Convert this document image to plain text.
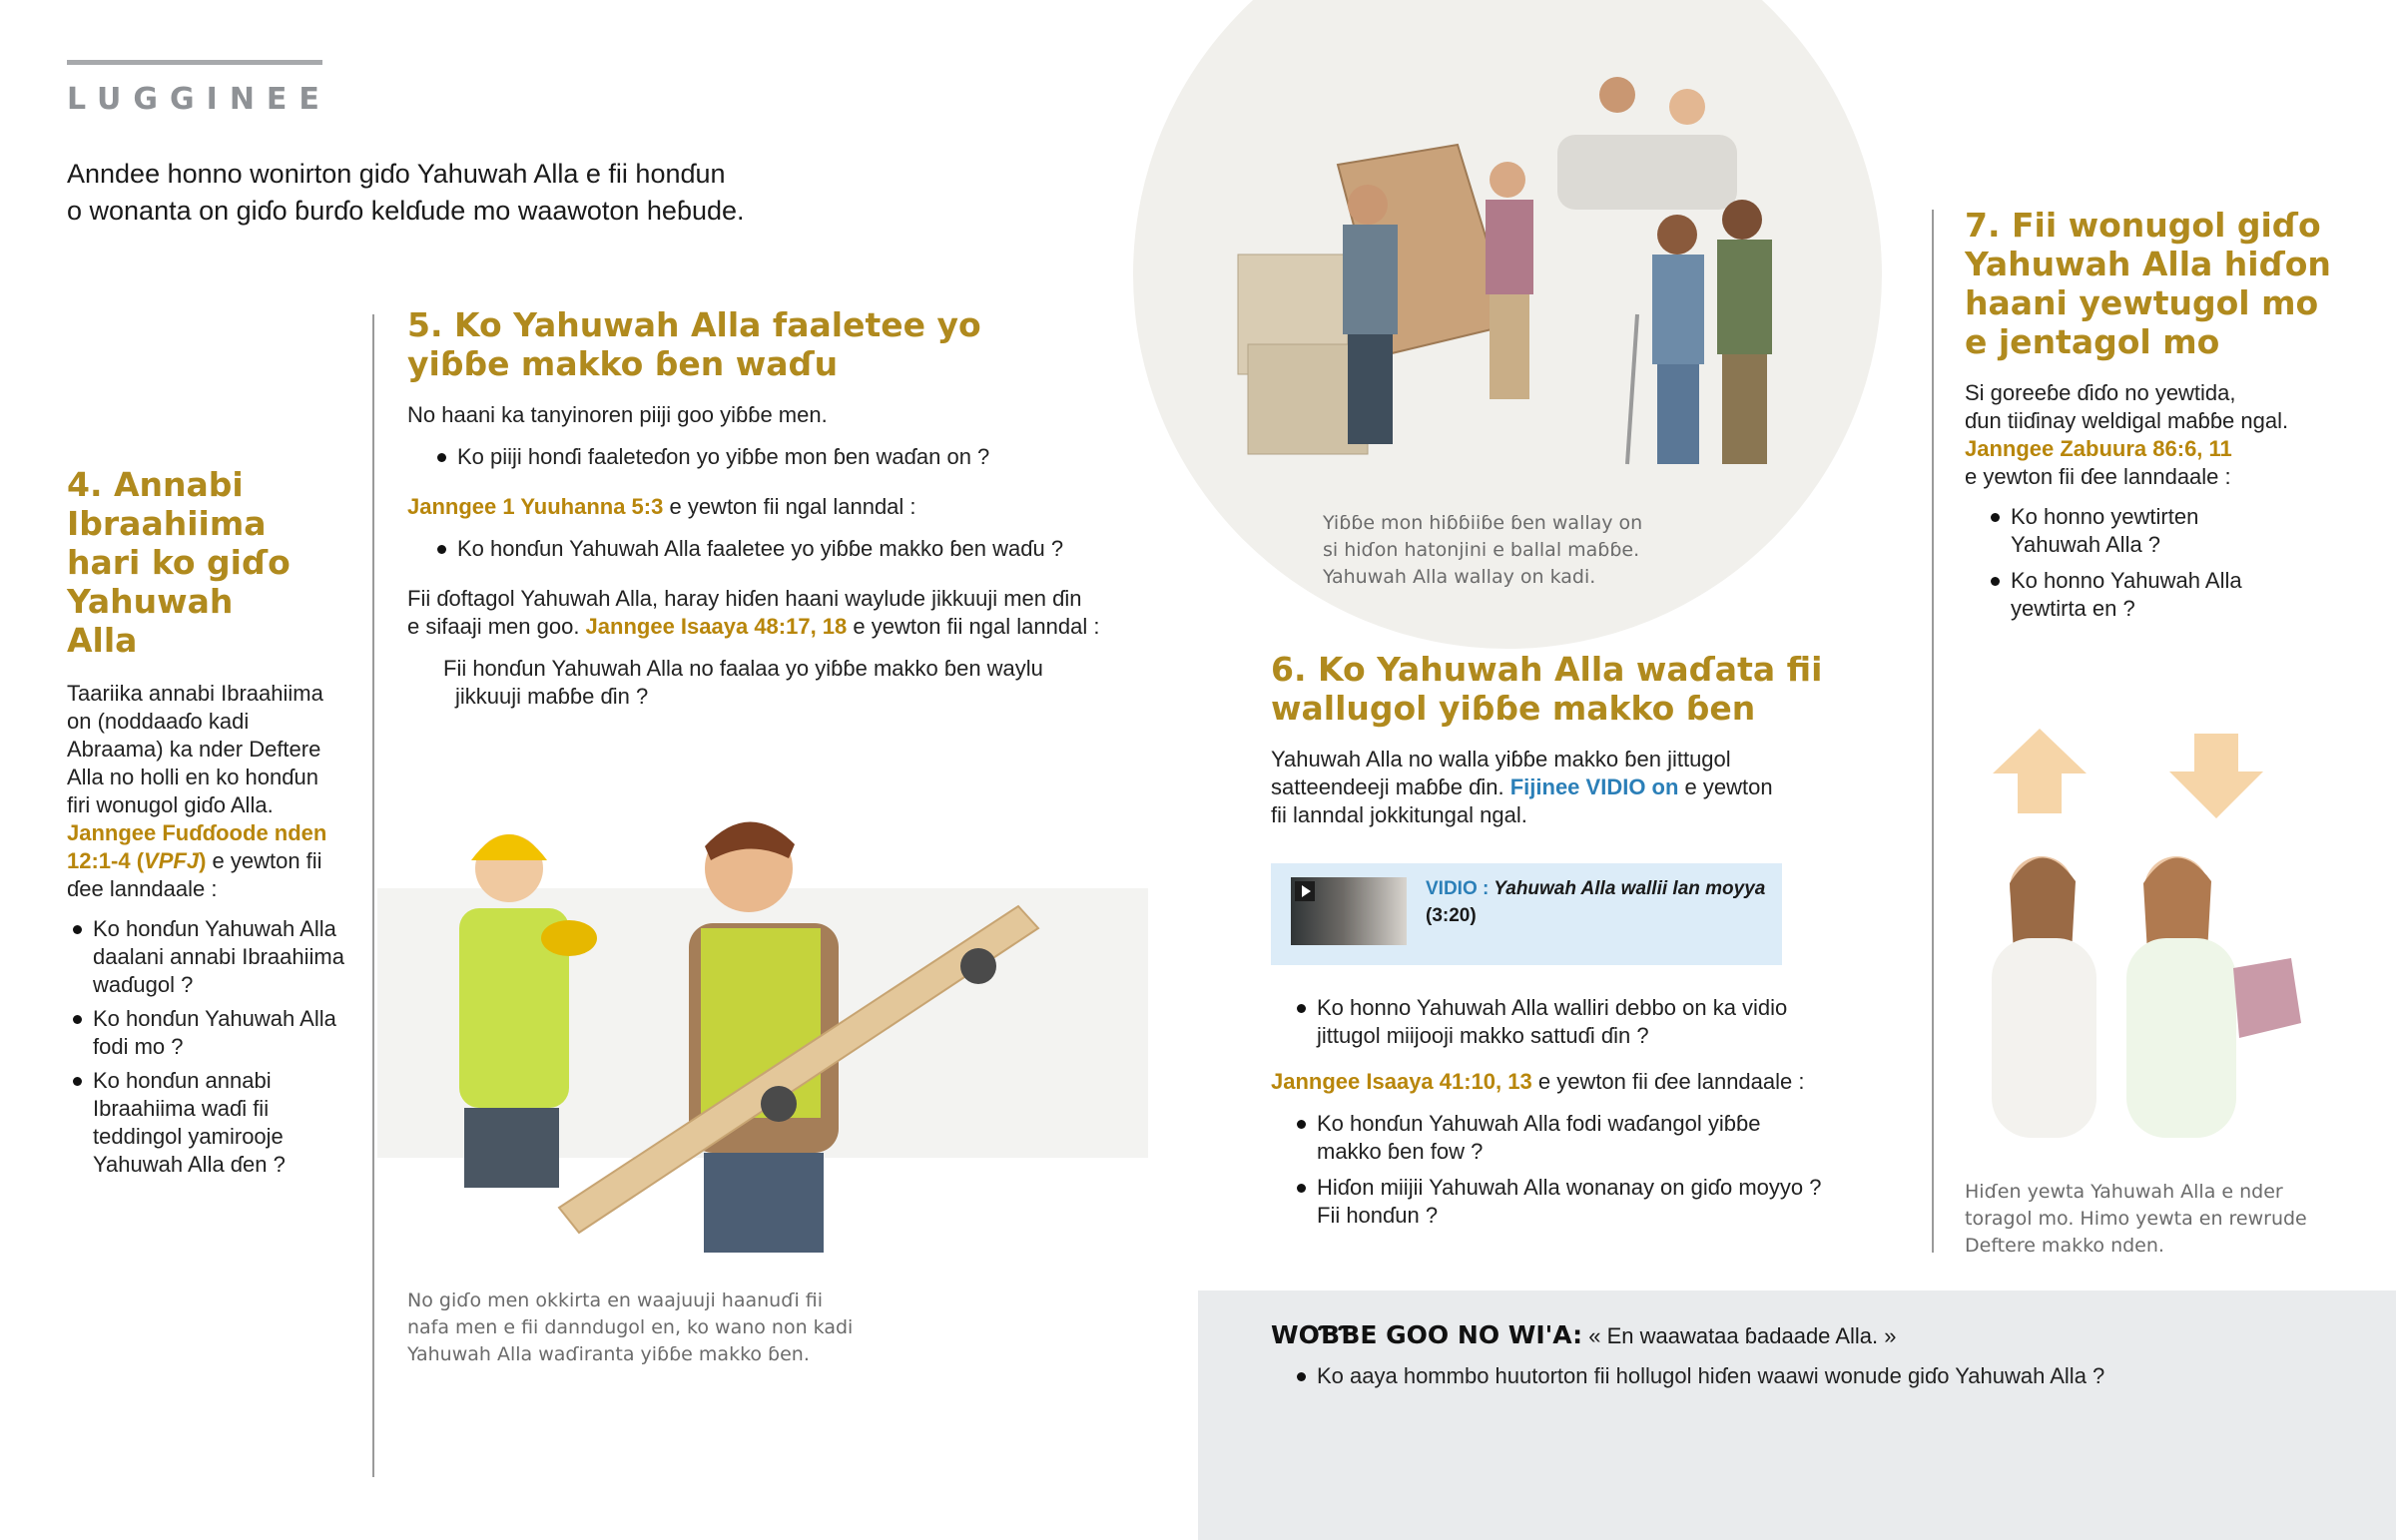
LUGGINEE
Anndee honno wonirton giɗo Yahuwah Alla e fii honɗun
o wonanta on giɗo ɓurɗo kelɗude mo waawoton heɓude.
4. Annabi Ibraahiima hari ko giɗo Yahuwah Alla
Taariika annabi Ibraahiima
on (noddaaɗo kadi
Abraama) ka nder Deftere
Alla no holli en ko honɗun
firi wonugol giɗo Alla.
Janngee Fuɗɗoode nden
12:1-4 (VPFJ) e yewton fii
ɗee lanndaale :
Ko honɗun Yahuwah Alla daalani annabi Ibraahiima waɗugol ?
Ko honɗun Yahuwah Alla fodi mo ?
Ko honɗun annabi Ibraahiima waɗi fii teddingol yamirooje Yahuwah Alla ɗen ?
5. Ko Yahuwah Alla faaletee yo
yiɓɓe makko ɓen waɗu

No haani ka tanyinoren piiji goo yiɓɓe men.

Ko piiji honɗi faaleteɗon yo yiɓɓe mon ɓen waɗan on ?

Janngee 1 Yuuhanna 5:3 e yewton fii ngal lanndal :

Ko honɗun Yahuwah Alla faaletee yo yiɓɓe makko ɓen waɗu ?

Fii ɗoftagol Yahuwah Alla, haray hiɗen haani waylude jikkuuji men ɗin
e sifaaji men goo. Janngee Isaaya 48:17, 18 e yewton fii ngal lanndal :

Fii honɗun Yahuwah Alla no faalaa yo yiɓɓe makko ɓen waylu
jikkuuji maɓɓe ɗin ?
No giɗo men okkirta en waajuuji haanuɗi fii
nafa men e fii danndugol en, ko wano non kadi
Yahuwah Alla waɗiranta yiɓɓe makko ɓen.
Yiɓɓe mon hiɓɓiiɓe ɓen wallay on
si hiɗon hatonjini e ballal maɓɓe.
Yahuwah Alla wallay on kadi.
6. Ko Yahuwah Alla waɗata fii
wallugol yiɓɓe makko ɓen
Yahuwah Alla no walla yiɓɓe makko ɓen jittugol
satteendeeji maɓɓe ɗin. Fijinee VIDIO on e yewton
fii lanndal jokkitungal ngal.
VIDIO : Yahuwah Alla wallii lan moyya
(3:20)
Ko honno Yahuwah Alla walliri debbo on ka vidio
jittugol miijooji makko sattuɗi ɗin ?

Janngee Isaaya 41:10, 13 e yewton fii ɗee lanndaale :

Ko honɗun Yahuwah Alla fodi waɗangol yiɓɓe
makko ɓen fow ?
Hiɗon miijii Yahuwah Alla wonanay on giɗo moyyo ?
Fii honɗun ?
7. Fii wonugol giɗo
Yahuwah Alla hiɗon
haani yewtugol mo
e jentagol mo
Si goreeɓe ɗiɗo no yewtida,
ɗun tiiɗinay weldigal maɓɓe ngal.
Janngee Zabuura 86:6, 11
e yewton fii ɗee lanndaale :
Ko honno yewtirten
Yahuwah Alla ?
Ko honno Yahuwah Alla
yewtirta en ?
Hiɗen yewta Yahuwah Alla e nder
toragol mo. Himo yewta en rewrude
Deftere makko nden.
WOƁƁE GOO NO WI'A: « En waawataa ɓadaade Alla. »
Ko aaya hommbo huutorton fii hollugol hiɗen waawi wonude giɗo Yahuwah Alla ?
